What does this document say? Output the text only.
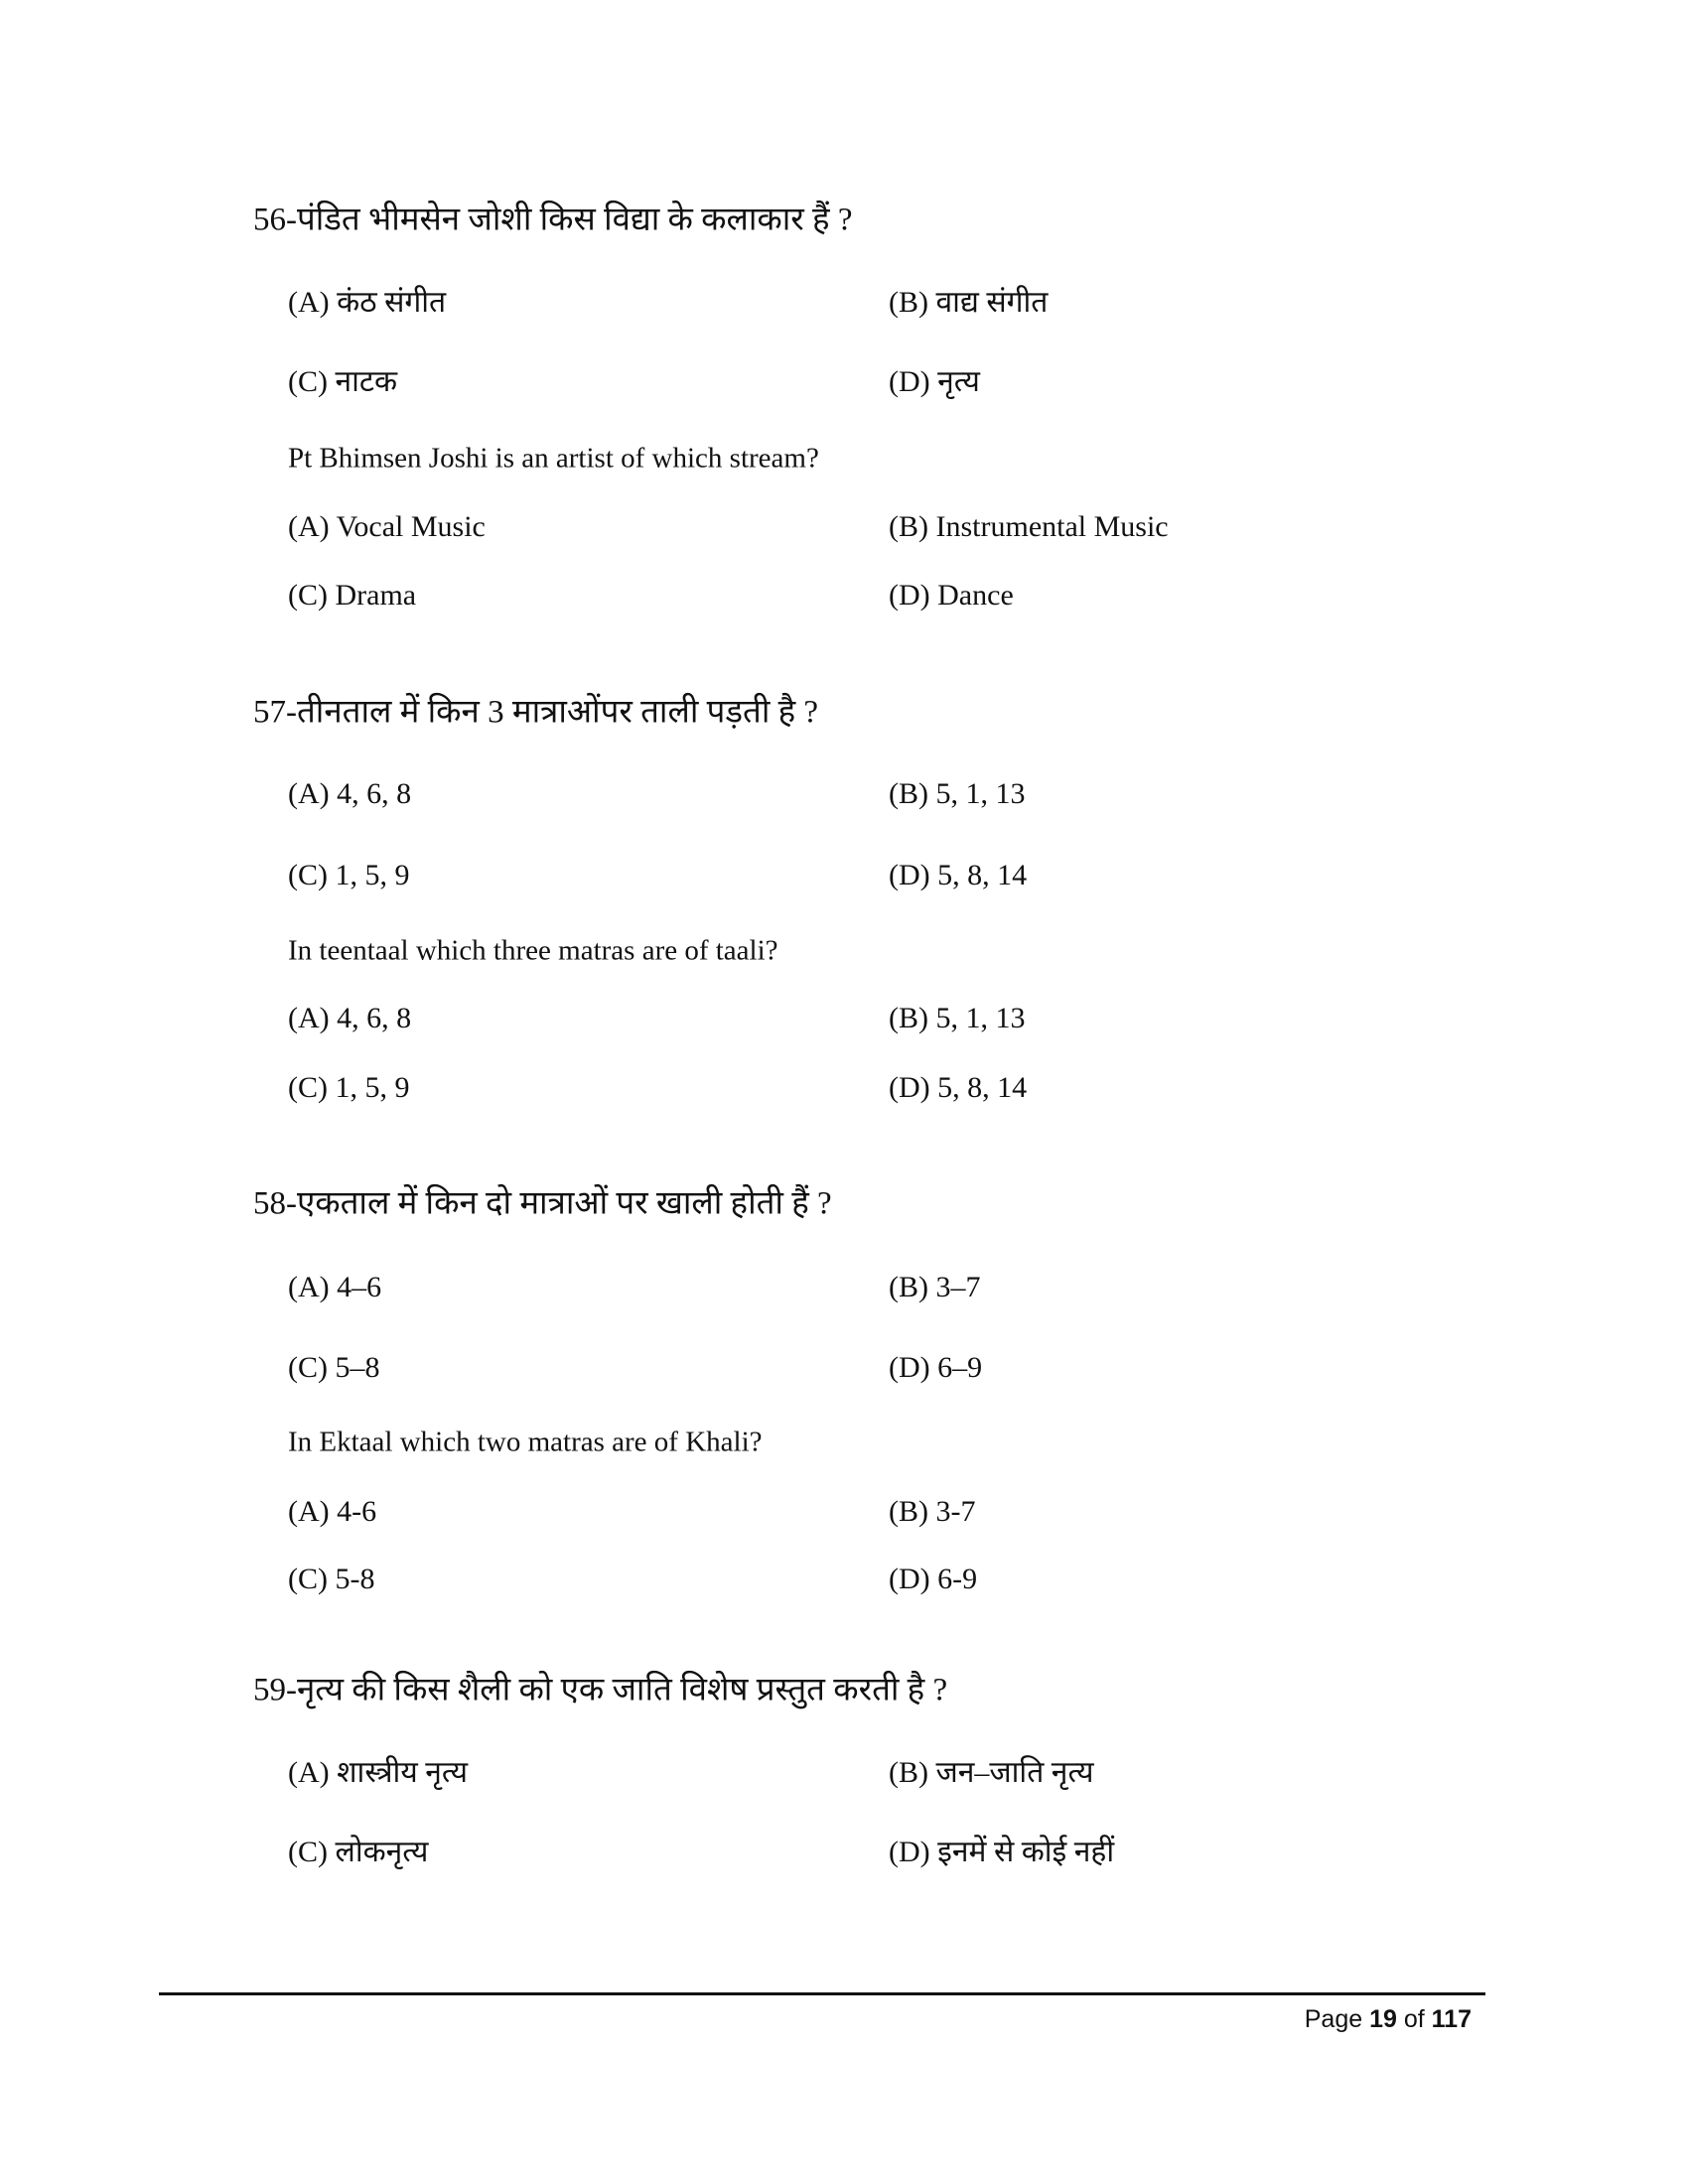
56-पंडित भीमसेन जोशी किस विद्या के कलाकार हैं ?
(A) कंठ संगीत	(B) वाद्य संगीत
(C) नाटक	(D) नृत्य
Pt Bhimsen Joshi is an artist of which stream?
(A) Vocal Music	(B) Instrumental Music
(C) Drama	(D) Dance
57-तीनताल में किन 3 मात्राओंपर ताली पड़ती है ?
(A) 4, 6, 8	(B) 5, 1, 13
(C) 1, 5, 9	(D) 5, 8, 14
In teentaal which three matras are of taali?
(A) 4, 6, 8	(B) 5, 1, 13
(C) 1, 5, 9	(D) 5, 8, 14
58-एकताल में किन दो मात्राओं पर खाली होती हैं ?
(A) 4–6	(B) 3–7
(C) 5–8	(D) 6–9
In Ektaal which two matras are of Khali?
(A) 4-6	(B) 3-7
(C) 5-8	(D) 6-9
59-नृत्य की किस शैली को एक जाति विशेष प्रस्तुत करती है ?
(A) शास्त्रीय नृत्य	(B) जन–जाति नृत्य
(C) लोकनृत्य	(D) इनमें से कोई नहीं
Page 19 of 117
